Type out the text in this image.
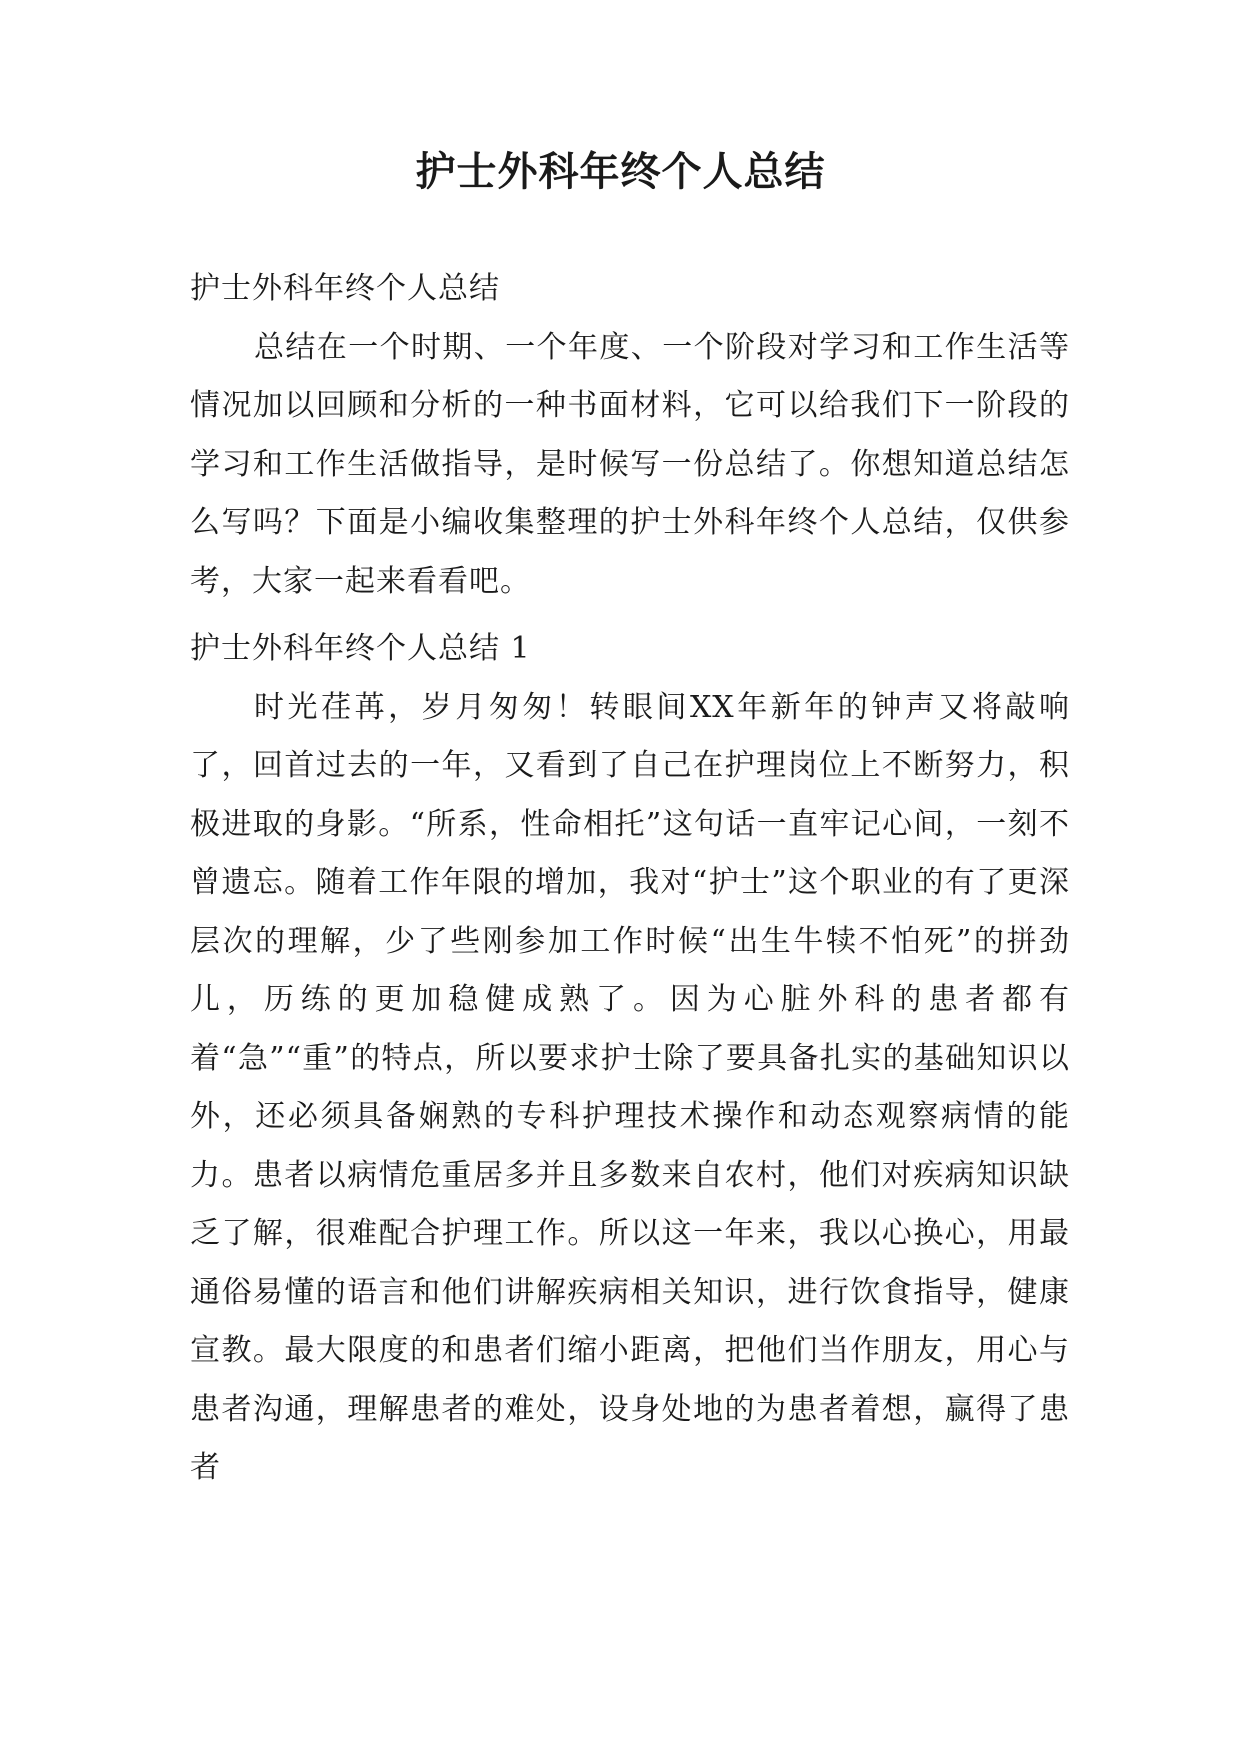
护士外科年终个人总结

护士外科年终个人总结

总结在一个时期、一个年度、一个阶段对学习和工作生活等情况加以回顾和分析的一种书面材料，它可以给我们下一阶段的学习和工作生活做指导，是时候写一份总结了。你想知道总结怎么写吗？下面是小编收集整理的护士外科年终个人总结，仅供参考，大家一起来看看吧。

护士外科年终个人总结 1

时光荏苒，岁月匆匆！转眼间XX年新年的钟声又将敲响了，回首过去的一年，又看到了自己在护理岗位上不断努力，积极进取的身影。“所系，性命相托”这句话一直牢记心间，一刻不曾遗忘。随着工作年限的增加，我对“护士”这个职业的有了更深层次的理解，少了些刚参加工作时候“出生牛犊不怕死”的拼劲儿，历练的更加稳健成熟了。因为心脏外科的患者都有着“急”“重”的特点，所以要求护士除了要具备扎实的基础知识以外，还必须具备娴熟的专科护理技术操作和动态观察病情的能力。患者以病情危重居多并且多数来自农村，他们对疾病知识缺乏了解，很难配合护理工作。所以这一年来，我以心换心，用最通俗易懂的语言和他们讲解疾病相关知识，进行饮食指导，健康宣教。最大限度的和患者们缩小距离，把他们当作朋友，用心与患者沟通，理解患者的难处，设身处地的为患者着想，赢得了患者
